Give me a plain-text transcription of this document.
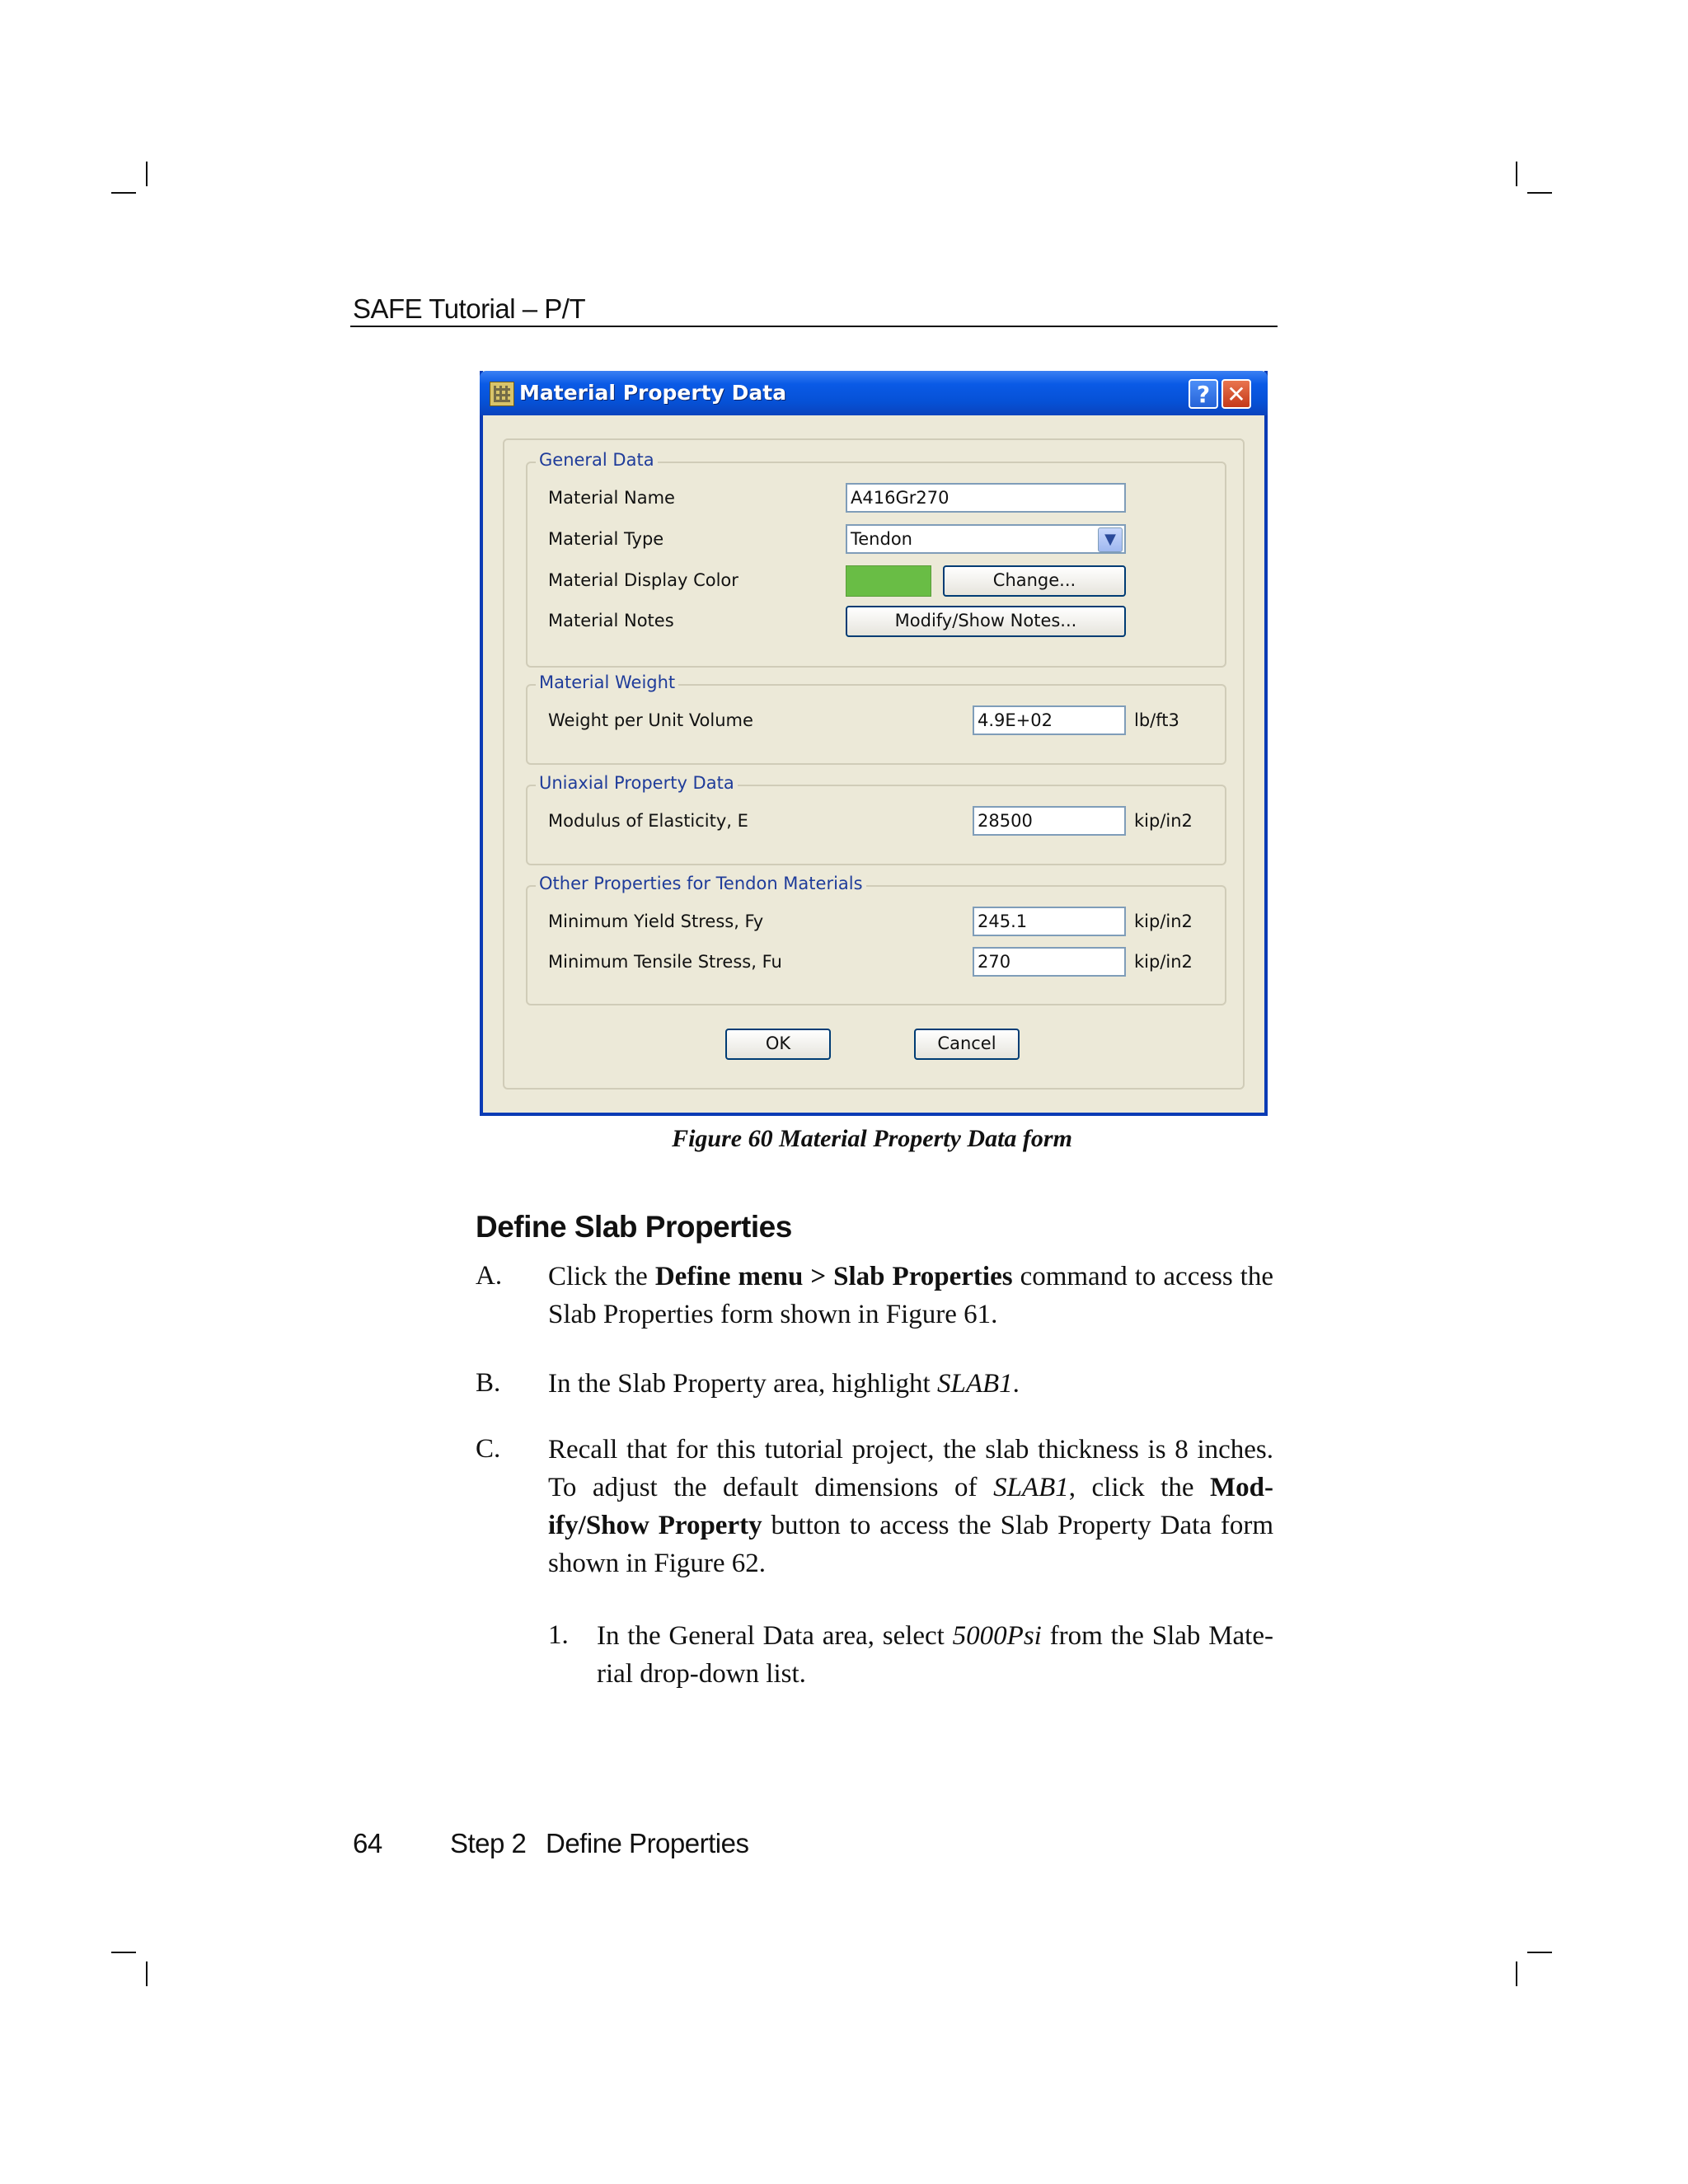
SAFE Tutorial – P/T
Material Property Data	? ✕
General Data
Material Name	A416Gr270
Material Type	Tendon	▼
Material Display Color	Change...
Material Notes	Modify/Show Notes...
Material Weight
Weight per Unit Volume	4.9E+02	lb/ft3
Uniaxial Property Data
Modulus of Elasticity, E	28500	kip/in2
Other Properties for Tendon Materials
Minimum Yield Stress, Fy	245.1	kip/in2
Minimum Tensile Stress, Fu	270	kip/in2
OK	Cancel
Figure 60 Material Property Data form
Define Slab Properties
A. Click the Define menu > Slab Properties command to access the Slab Properties form shown in Figure 61.
B. In the Slab Property area, highlight SLAB1.
C. Recall that for this tutorial project, the slab thickness is 8 inches. To adjust the default dimensions of SLAB1, click the Mod-ify/Show Property button to access the Slab Property Data form shown in Figure 62.
1. In the General Data area, select 5000Psi from the Slab Mate-rial drop-down list.
64 Step 2 Define Properties
